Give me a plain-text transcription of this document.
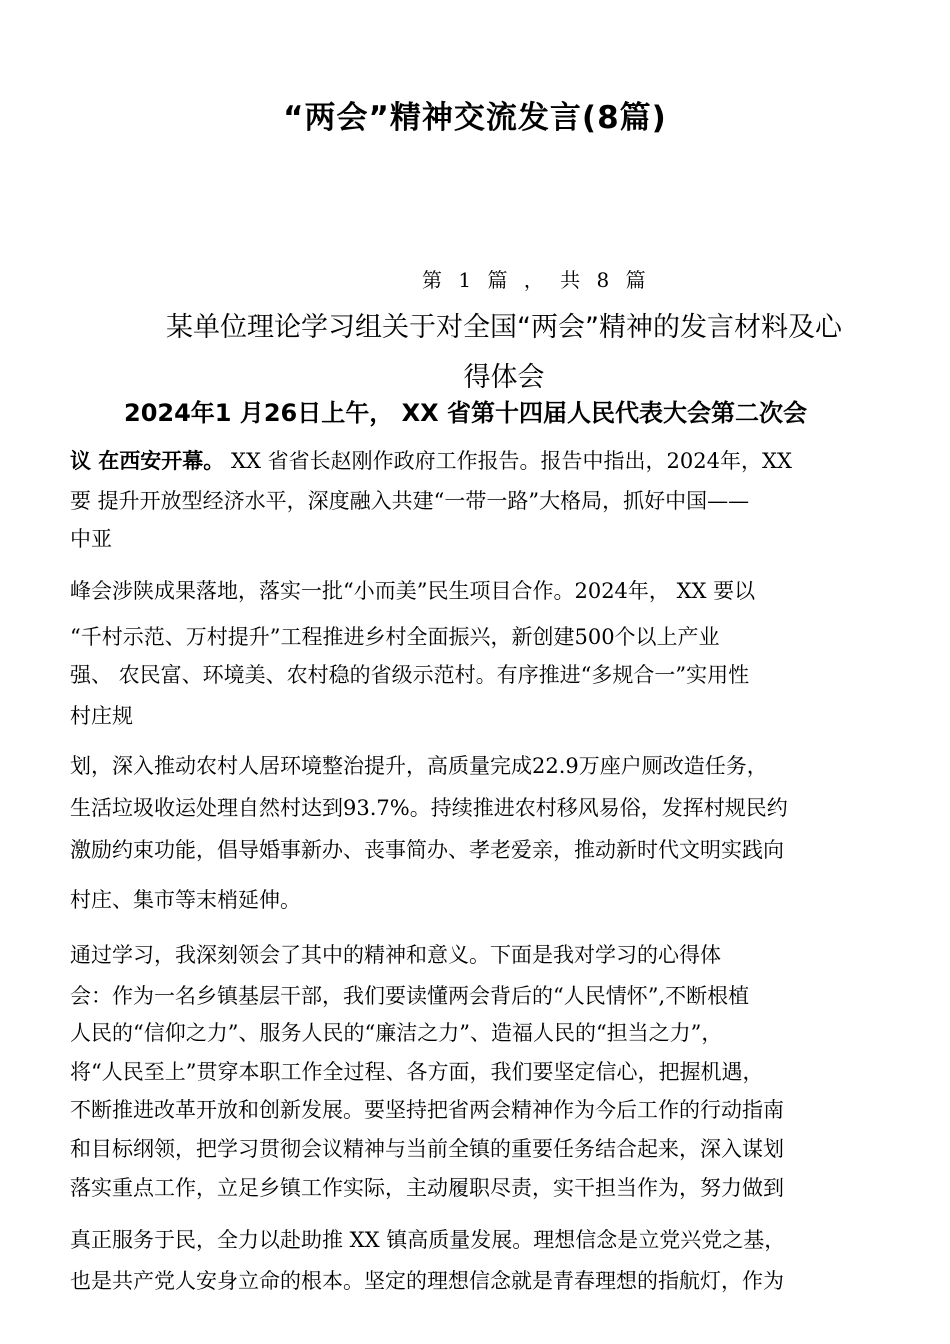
“两会”精神交流发言(8篇)
第 1 篇 ， 共 8 篇
某单位理论学习组关于对全国“两会”精神的发言材料及心
得体会
2024年1 月26日上午， XX 省第十四届人民代表大会第二次会
议 在西安开幕。 XX 省省长赵刚作政府工作报告。报告中指出，2024年，XX
要 提升开放型经济水平，深度融入共建“一带一路”大格局，抓好中国——
中亚
峰会涉陕成果落地，落实一批“小而美”民生项目合作。2024年， XX 要以
“千村示范、万村提升”工程推进乡村全面振兴，新创建500个以上产业
强、 农民富、环境美、农村稳的省级示范村。有序推进“多规合一”实用性
村庄规
划，深入推动农村人居环境整治提升，高质量完成22.9万座户厕改造任务，
生活垃圾收运处理自然村达到93.7%。持续推进农村移风易俗，发挥村规民约
激励约束功能，倡导婚事新办、丧事简办、孝老爱亲，推动新时代文明实践向
村庄、集市等末梢延伸。
通过学习，我深刻领会了其中的精神和意义。下面是我对学习的心得体
会：作为一名乡镇基层干部，我们要读懂两会背后的“人民情怀”,不断根植
人民的“信仰之力”、服务人民的“廉洁之力”、造福人民的“担当之力”，
将“人民至上”贯穿本职工作全过程、各方面，我们要坚定信心，把握机遇，
不断推进改革开放和创新发展。要坚持把省两会精神作为今后工作的行动指南
和目标纲领，把学习贯彻会议精神与当前全镇的重要任务结合起来，深入谋划
落实重点工作，立足乡镇工作实际，主动履职尽责，实干担当作为，努力做到
真正服务于民，全力以赴助推 XX 镇高质量发展。理想信念是立党兴党之基，
也是共产党人安身立命的根本。坚定的理想信念就是青春理想的指航灯，作为
